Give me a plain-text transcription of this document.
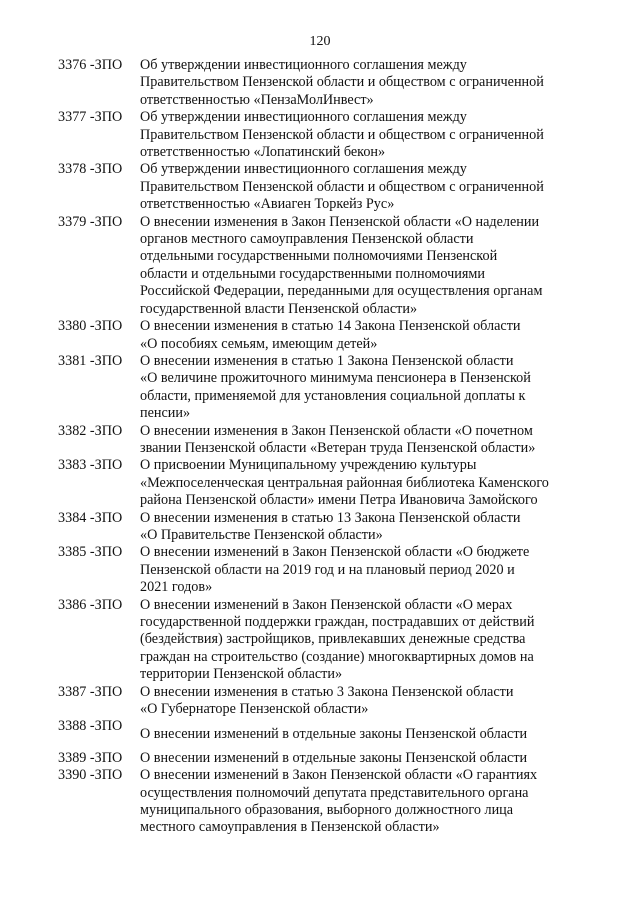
120
3376 -ЗПО	Об утверждении инвестиционного соглашения между
Правительством Пензенской области и обществом с ограниченной
ответственностью «ПензаМолИнвест»
3377 -ЗПО	Об утверждении инвестиционного соглашения между
Правительством Пензенской области и обществом с ограниченной
ответственностью «Лопатинский бекон»
3378 -ЗПО	Об утверждении инвестиционного соглашения между
Правительством Пензенской области и обществом с ограниченной
ответственностью «Авиаген Торкейз Рус»
3379 -ЗПО	О внесении изменения в Закон Пензенской области «О наделении
органов местного самоуправления Пензенской области
отдельными государственными полномочиями Пензенской
области и отдельными государственными полномочиями
Российской Федерации, переданными для осуществления органам
государственной власти Пензенской области»
3380 -ЗПО	О внесении изменения в статью 14 Закона Пензенской области
«О пособиях семьям, имеющим детей»
3381 -ЗПО	О внесении изменения в статью 1 Закона Пензенской области
«О величине прожиточного минимума пенсионера в Пензенской
области, применяемой для установления социальной доплаты к
пенсии»
3382 -ЗПО	О внесении изменения в Закон Пензенской области «О почетном
звании Пензенской области «Ветеран труда Пензенской области»
3383 -ЗПО	О присвоении Муниципальному учреждению культуры
«Межпоселенческая центральная районная библиотека Каменского
района Пензенской области» имени Петра Ивановича Замойского
3384 -ЗПО	О внесении изменения в статью 13 Закона Пензенской области
«О Правительстве Пензенской области»
3385 -ЗПО	О внесении изменений в Закон Пензенской области «О бюджете
Пензенской области на 2019 год и на плановый период 2020 и
2021 годов»
3386 -ЗПО	О внесении изменений в Закон Пензенской области «О мерах
государственной поддержки граждан, пострадавших от действий
(бездействия) застройщиков, привлекавших денежные средства
граждан на строительство (создание) многоквартирных домов на
территории Пензенской области»
3387 -ЗПО	О внесении изменения в статью 3 Закона Пензенской области
«О Губернаторе Пензенской области»
3388 -ЗПО	О внесении изменений в отдельные законы Пензенской области
3389 -ЗПО	О внесении изменений в отдельные законы Пензенской области
3390 -ЗПО	О внесении изменений в Закон Пензенской области «О гарантиях
осуществления полномочий депутата представительного органа
муниципального образования, выборного должностного лица
местного самоуправления в Пензенской области»
